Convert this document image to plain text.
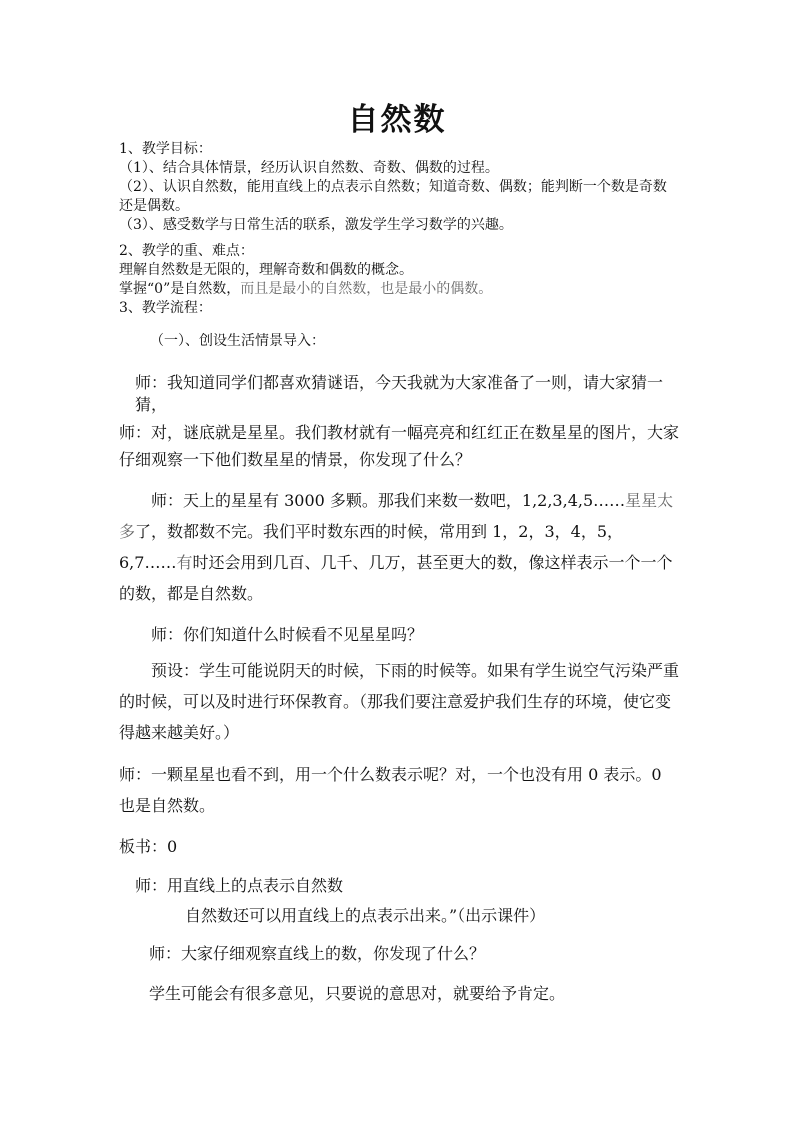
自然数

1、教学目标：

（1）、结合具体情景，经历认识自然数、奇数、偶数的过程。

（2）、认识自然数，能用直线上的点表示自然数；知道奇数、偶数；能判断一个数是奇数还是偶数。

（3）、感受数学与日常生活的联系，激发学生学习数学的兴趣。

2、教学的重、难点：

理解自然数是无限的，理解奇数和偶数的概念。

掌握“0”是自然数，而且是最小的自然数，也是最小的偶数。

3、教学流程：

（一）、创设生活情景导入：
师：我知道同学们都喜欢猜谜语，今天我就为大家准备了一则，请大家猜一猜，
师：对，谜底就是星星。我们教材就有一幅亮亮和红红正在数星星的图片，大家仔细观察一下他们数星星的情景，你发现了什么？
师：天上的星星有 3000 多颗。那我们来数一数吧，1,2,3,4,5……星星太多了，数都数不完。我们平时数东西的时候，常用到 1，2，3，4，5，6,7……有时还会用到几百、几千、几万，甚至更大的数，像这样表示一个一个的数，都是自然数。
师：你们知道什么时候看不见星星吗？
预设：学生可能说阴天的时候，下雨的时候等。如果有学生说空气污染严重的时候，可以及时进行环保教育。（那我们要注意爱护我们生存的环境，使它变得越来越美好。）
师：一颗星星也看不到，用一个什么数表示呢？对，一个也没有用 0 表示。0 也是自然数。
板书：0
师：用直线上的点表示自然数
自然数还可以用直线上的点表示出来。”（出示课件）
师：大家仔细观察直线上的数，你发现了什么？
学生可能会有很多意见，只要说的意思对，就要给予肯定。
